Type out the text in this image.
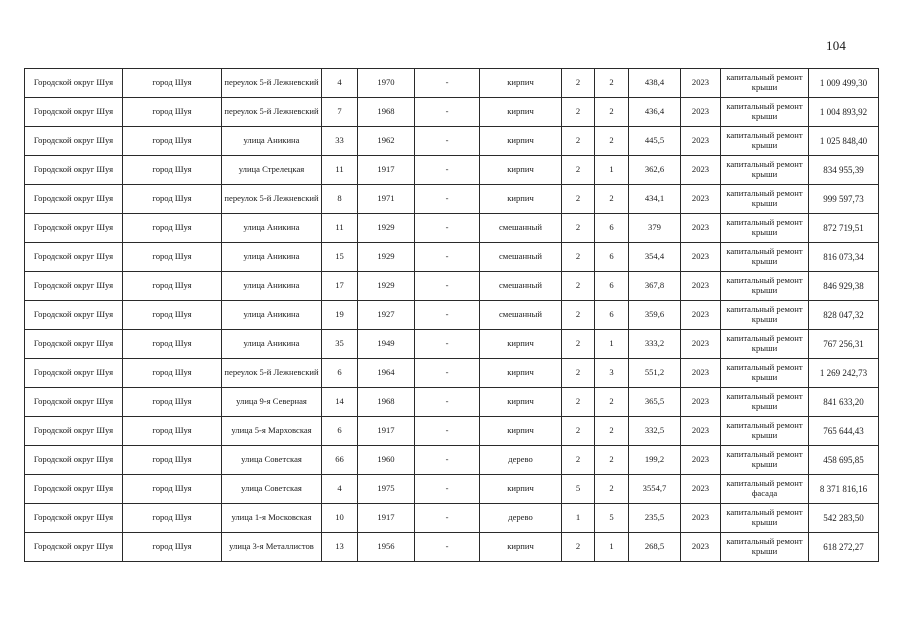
104
Городской округ Шуя	город Шуя	переулок 5-й Лежневский	4	1970	-	кирпич	2	2	438,4	2023	капитальный ремонт крыши	1 009 499,30
Городской округ Шуя	город Шуя	переулок 5-й Лежневский	7	1968	-	кирпич	2	2	436,4	2023	капитальный ремонт крыши	1 004 893,92
Городской округ Шуя	город Шуя	улица Аникина	33	1962	-	кирпич	2	2	445,5	2023	капитальный ремонт крыши	1 025 848,40
Городской округ Шуя	город Шуя	улица Стрелецкая	11	1917	-	кирпич	2	1	362,6	2023	капитальный ремонт крыши	834 955,39
Городской округ Шуя	город Шуя	переулок 5-й Лежневский	8	1971	-	кирпич	2	2	434,1	2023	капитальный ремонт крыши	999 597,73
Городской округ Шуя	город Шуя	улица Аникина	11	1929	-	смешанный	2	6	379	2023	капитальный ремонт крыши	872 719,51
Городской округ Шуя	город Шуя	улица Аникина	15	1929	-	смешанный	2	6	354,4	2023	капитальный ремонт крыши	816 073,34
Городской округ Шуя	город Шуя	улица Аникина	17	1929	-	смешанный	2	6	367,8	2023	капитальный ремонт крыши	846 929,38
Городской округ Шуя	город Шуя	улица Аникина	19	1927	-	смешанный	2	6	359,6	2023	капитальный ремонт крыши	828 047,32
Городской округ Шуя	город Шуя	улица Аникина	35	1949	-	кирпич	2	1	333,2	2023	капитальный ремонт крыши	767 256,31
Городской округ Шуя	город Шуя	переулок 5-й Лежневский	6	1964	-	кирпич	2	3	551,2	2023	капитальный ремонт крыши	1 269 242,73
Городской округ Шуя	город Шуя	улица 9-я Северная	14	1968	-	кирпич	2	2	365,5	2023	капитальный ремонт крыши	841 633,20
Городской округ Шуя	город Шуя	улица 5-я Марховская	6	1917	-	кирпич	2	2	332,5	2023	капитальный ремонт крыши	765 644,43
Городской округ Шуя	город Шуя	улица Советская	66	1960	-	дерево	2	2	199,2	2023	капитальный ремонт крыши	458 695,85
Городской округ Шуя	город Шуя	улица Советская	4	1975	-	кирпич	5	2	3554,7	2023	капитальный ремонт фасада	8 371 816,16
Городской округ Шуя	город Шуя	улица 1-я Московская	10	1917	-	дерево	1	5	235,5	2023	капитальный ремонт крыши	542 283,50
Городской округ Шуя	город Шуя	улица 3-я Металлистов	13	1956	-	кирпич	2	1	268,5	2023	капитальный ремонт крыши	618 272,27
